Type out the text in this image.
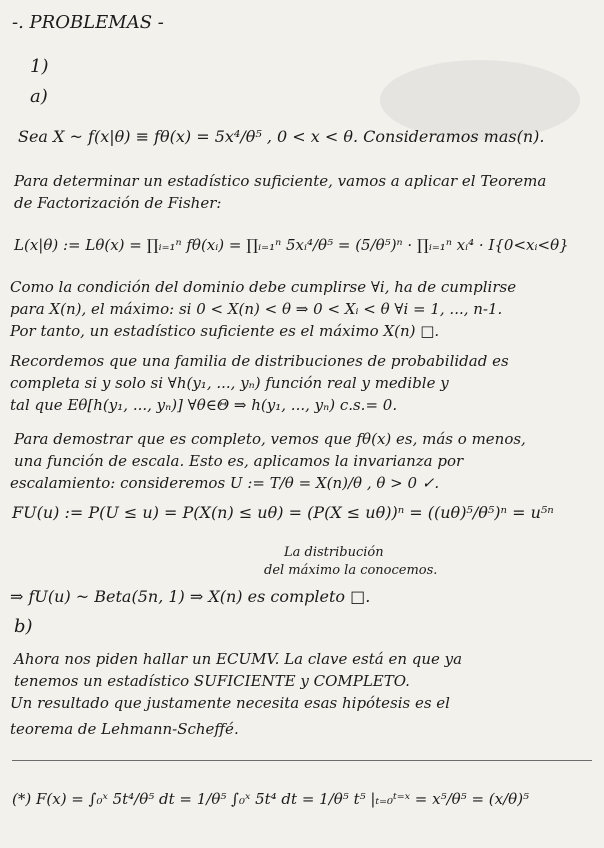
-. PROBLEMAS -
1)
a)
Sea X ~ f(x|θ) ≡ fθ(x) = 5x⁴/θ⁵ , 0 < x < θ. Consideramos mas(n).
Para determinar un estadístico suficiente, vamos a aplicar el Teorema
de Factorización de Fisher:
L(x|θ) := Lθ(x) = ∏ᵢ₌₁ⁿ fθ(xᵢ) = ∏ᵢ₌₁ⁿ 5xᵢ⁴/θ⁵ = (5/θ⁵)ⁿ · ∏ᵢ₌₁ⁿ xᵢ⁴ · I{0<xᵢ<θ}
Como la condición del dominio debe cumplirse ∀i, ha de cumplirse
para X(n), el máximo: si 0 < X(n) < θ ⇒ 0 < Xᵢ < θ ∀i = 1, ..., n-1.
Por tanto, un estadístico suficiente es el máximo X(n) □.
Recordemos que una familia de distribuciones de probabilidad es
completa si y solo si ∀h(y₁, ..., yₙ) función real y medible y
tal que Eθ[h(y₁, ..., yₙ)] ∀θ∈Θ ⇒ h(y₁, ..., yₙ) c.s.= 0.
Para demostrar que es completo, vemos que fθ(x) es, más o menos,
una función de escala. Esto es, aplicamos la invarianza por
escalamiento: consideremos U := T/θ = X(n)/θ , θ > 0 ✓.
FU(u) := P(U ≤ u) = P(X(n) ≤ uθ) = (P(X ≤ uθ))ⁿ = ((uθ)⁵/θ⁵)ⁿ = u⁵ⁿ
La distribución
del máximo la conocemos.
⇒ fU(u) ~ Beta(5n, 1) ⇒ X(n) es completo □.
b)
Ahora nos piden hallar un ECUMV. La clave está en que ya
tenemos un estadístico SUFICIENTE y COMPLETO.
Un resultado que justamente necesita esas hipótesis es el
teorema de Lehmann-Scheffé.
(*) F(x) = ∫₀ˣ 5t⁴/θ⁵ dt = 1/θ⁵ ∫₀ˣ 5t⁴ dt = 1/θ⁵ t⁵ |ₜ₌₀ᵗ⁼ˣ = x⁵/θ⁵ = (x/θ)⁵
